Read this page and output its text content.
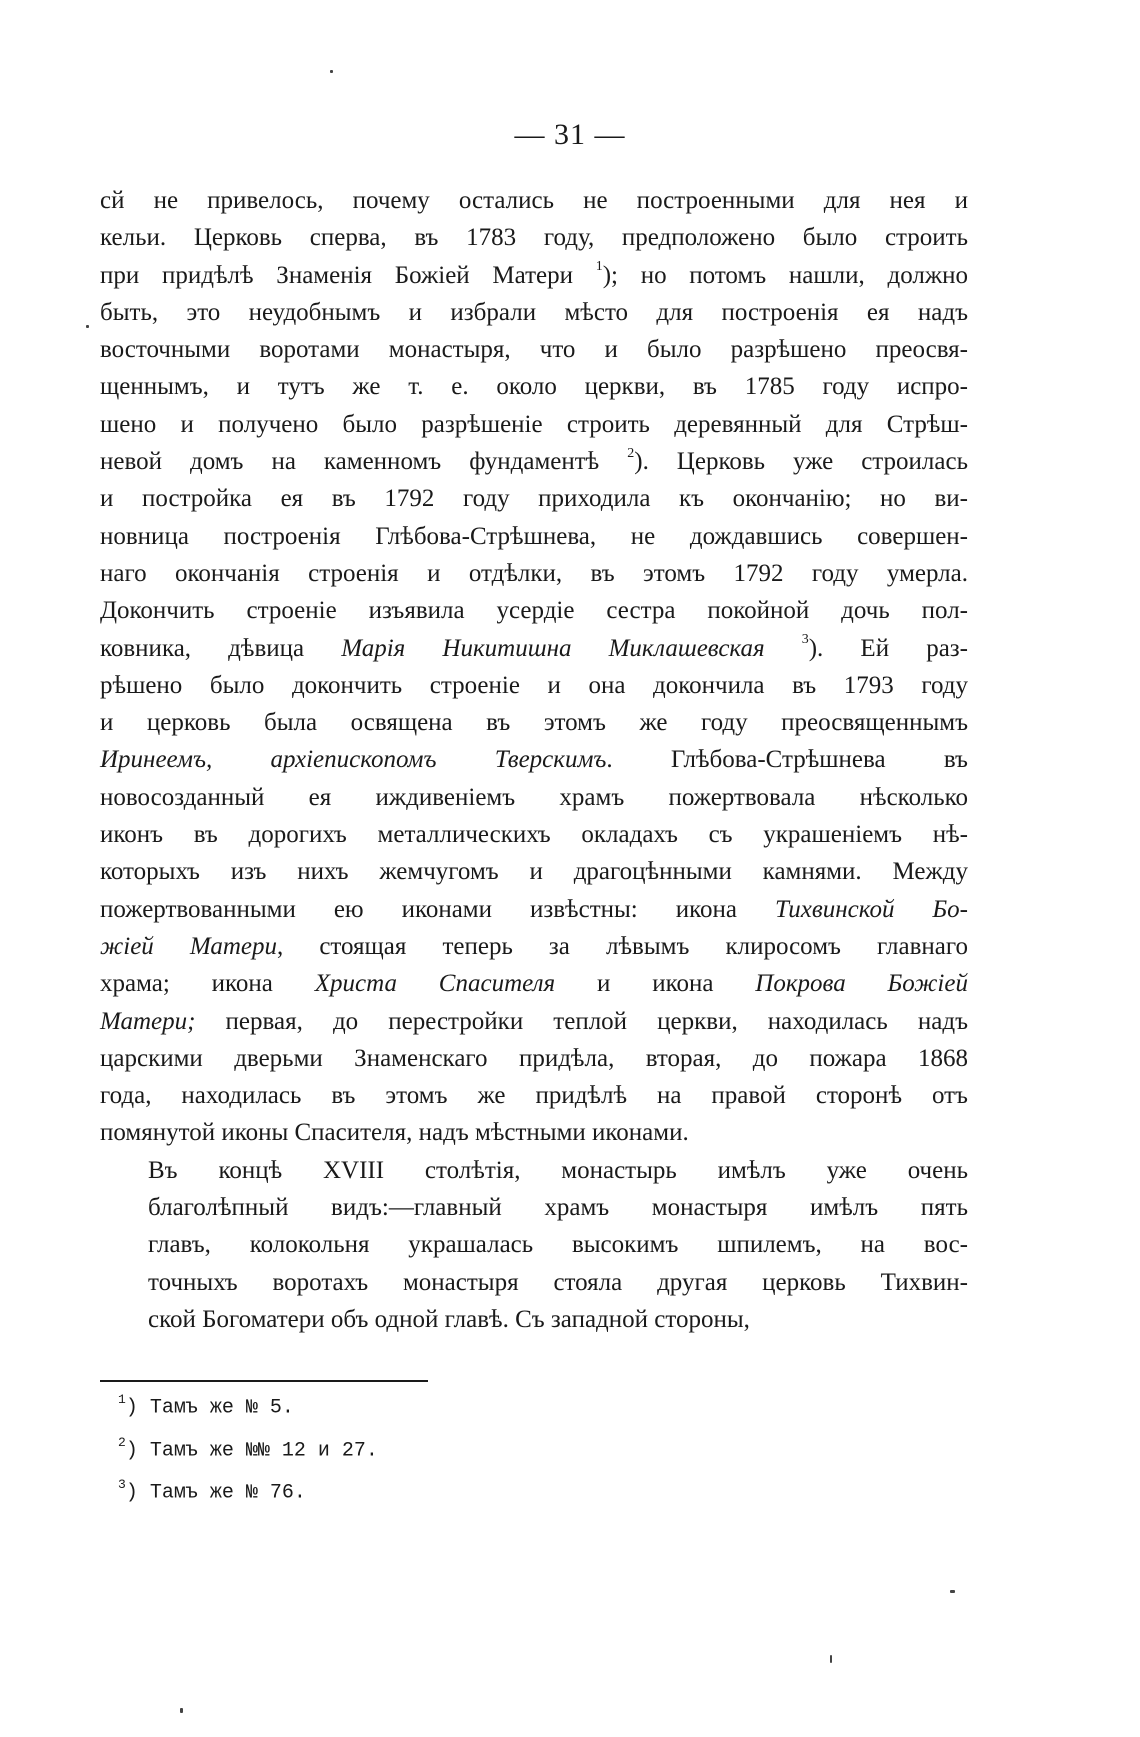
— 31 —

сй не привелось, почему остались не построенными для нея и
кельи. Церковь сперва, въ 1783 году, предположено было строить
при придѣлѣ Знаменія Божіей Матери $^1$); но потомъ нашли, должно
быть, это неудобнымъ и избрали мѣсто для построенія ея надъ
восточными воротами монастыря, что и было разрѣшено преосвя-
щеннымъ, и тутъ же т. е. около церкви, въ 1785 году испро-
шено и получено было разрѣшеніе строить деревянный для Стрѣш-
невой домъ на каменномъ фундаментѣ $^2$). Церковь уже строилась
и постройка ея въ 1792 году приходила къ окончанію; но ви-
новница построенія Глѣбова-Стрѣшнева, не дождавшись совершен-
наго окончанія строенія и отдѣлки, въ этомъ 1792 году умерла.
Докончить строеніе изъявила усердіе сестра покойной дочь пол-
ковника, дѣвица Марія Никитишна Миклашевская	$^3$). Ей раз-
рѣшено было докончить строеніе и она докончила въ 1793 году
и церковь была освящена въ этомъ же году преосвященнымъ
Иринеемъ, архіепископомъ Тверскимъ. Глѣбова-Стрѣшнева въ
новосозданный ея иждивеніемъ храмъ пожертвовала нѣсколько
иконъ въ дорогихъ металлическихъ окладахъ съ украшеніемъ нѣ-
которыхъ изъ нихъ жемчугомъ и драгоцѣнными камнями. Между
пожертвованными ею иконами извѣстны: икона Тихвинской Бо-
жіей Матери, стоящая теперь за лѣвымъ клиросомъ главнаго
храма; икона Христа Спасителя и икона Покрова Божіей
Матери; первая, до перестройки теплой церкви, находилась надъ
царскими дверьми Знаменскаго придѣла, вторая, до пожара 1868
года, находилась въ этомъ же придѣлѣ на правой сторонѣ отъ
помянутой иконы Спасителя, надъ мѣстными иконами.

Въ концѣ XVIII столѣтія, монастырь имѣлъ уже очень
благолѣпный видъ:—главный храмъ монастыря имѣлъ пять
главъ, колокольня украшалась высокимъ шпилемъ, на вос-
точныхъ воротахъ монастыря стояла другая церковь Тихвин-
ской Богоматери объ одной главѣ. Съ западной стороны,

$^1$) Тамъ же № 5.
$^2$) Тамъ же №№ 12 и 27.
$^3$) Тамъ же № 76.
